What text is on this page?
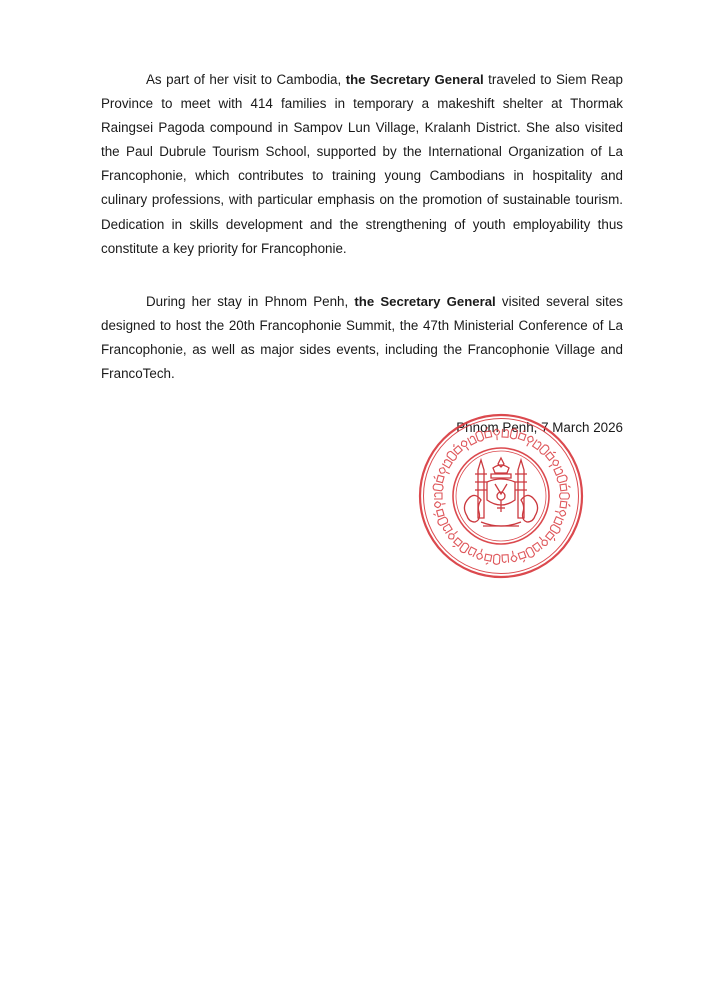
As part of her visit to Cambodia, the Secretary General traveled to Siem Reap Province to meet with 414 families in temporary a makeshift shelter at Thormak Raingsei Pagoda compound in Sampov Lun Village, Kralanh District. She also visited the Paul Dubrule Tourism School, supported by the International Organization of La Francophonie, which contributes to training young Cambodians in hospitality and culinary professions, with particular emphasis on the promotion of sustainable tourism. Dedication in skills development and the strengthening of youth employability thus constitute a key priority for Francophonie.

During her stay in Phnom Penh, the Secretary General visited several sites designed to host the 20th Francophonie Summit, the 47th Ministerial Conference of La Francophonie, as well as major sides events, including the Francophonie Village and FrancoTech.

Phnom Penh, 7 March 2026
